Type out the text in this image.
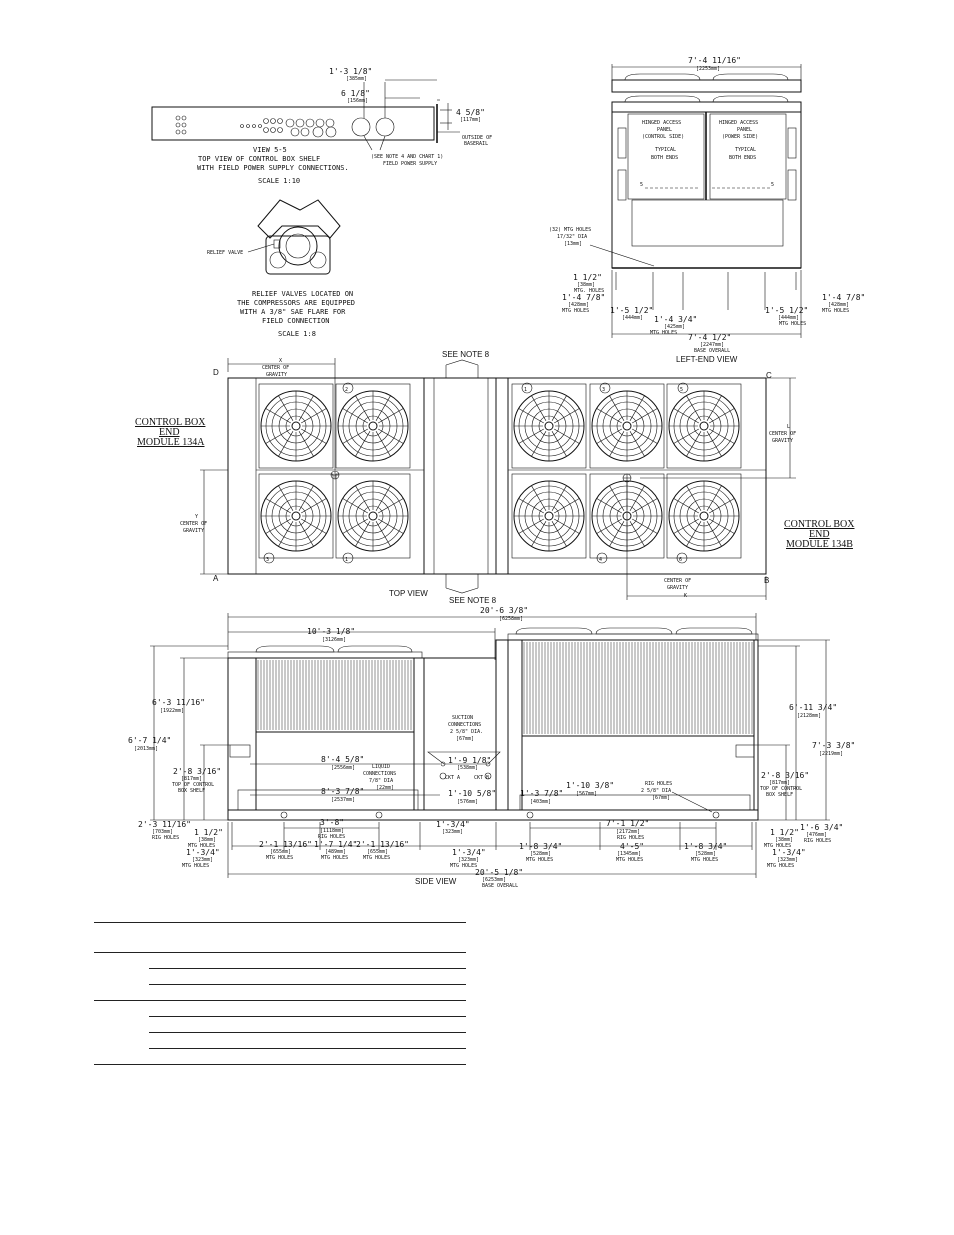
1'-3 1/8"
[385mm]
6 1/8"
[156mm]
4 5/8"
[117mm]
OUTSIDE OF
BASERAIL
(SEE NOTE 4 AND CHART 1)
FIELD POWER SUPPLY
VIEW 5-5
TOP VIEW OF CONTROL BOX SHELF
WITH FIELD POWER SUPPLY CONNECTIONS.
SCALE 1:10
RELIEF VALVE
RELIEF VALVES LOCATED ON
THE COMPRESSORS ARE EQUIPPED
WITH A 3/8" SAE FLARE FOR
FIELD CONNECTION
SCALE 1:8
7'-4 11/16"
[2253mm]
HINGED ACCESS
PANEL
(CONTROL SIDE)
HINGED ACCESS
PANEL
(POWER SIDE)
TYPICAL
BOTH ENDS
TYPICAL
BOTH ENDS
5	5
(32) MTG HOLES
17/32" DIA
[13mm]
1 1/2"
[38mm]
MTG. HOLES
1'-4 7/8"
[428mm]
MTG HOLES	1'-5 1/2"
[444mm] 1'-4 3/4"
[425mm]
MTG HOLES
1'-5 1/2"
[444mm]
MTG HOLES
1'-4 7/8"
[428mm]
MTG HOLES
7'-4 1/2"
[2247mm]
BASE OVERALL
LEFT-END VIEW
2
3	1
1	3	5
4	6
SEE NOTE 8
SEE NOTE 8
X
CENTER OF
GRAVITY
Y
CENTER OF
GRAVITY
L
CENTER OF
GRAVITY
K
CENTER OF
GRAVITY
A	B
C
D
CONTROL BOX
END
MODULE 134A
CONTROL BOX
END
MODULE 134B
TOP VIEW
20'-6 3/8"
[6258mm]
10'-3 1/8"
[3126mm]
6'-3 11/16"
[1922mm]
6'-7 1/4"
[2013mm]
6'-11 3/4"
[2128mm]
7'-3 3/8"
[2219mm]
SUCTION
CONNECTIONS
2 5/8" DIA.
[67mm]
LIQUID
CONNECTIONS
7/8" DIA
[22mm]
CKT A	CKT B
8'-4 5/8"
[2556mm]
8'-3 7/8"
[2537mm]
1'-9 1/8"
[538mm]
1'-10 5/8"
[576mm]
1'-10 3/8"
[567mm]
1'-3 7/8"
[403mm]
2'-8 3/16"
[817mm]
TOP OF CONTROL
BOX SHELF
2'-8 3/16"
[817mm]
TOP OF CONTROL
BOX SHELF
RIG HOLES
2 5/8" DIA
[67mm]
2'-3 11/16"
[703mm]
RIG HOLES
1 1/2"
[38mm]
MTG HOLES
1'-3/4"
[323mm]
MTG HOLES
3'-8"
[1118mm]
RIG HOLES
2'-1 13/16"
[655mm]
MTG HOLES
1'-7 1/4"
[489mm]
MTG HOLES
2'-1 13/16"
[655mm]
MTG HOLES
1'-3/4"
[323mm]
1'-3/4"
[323mm]
MTG HOLES
7'-1 1/2"
[2172mm]
RIG HOLES
1'-8 3/4"
[528mm]
MTG HOLES
4'-5"
[1345mm]
MTG HOLES
1'-8 3/4"
[528mm]
MTG HOLES
1'-6 3/4"
[476mm]
RIG HOLES
1 1/2"
[38mm]
MTG HOLES
1'-3/4"
[323mm]
MTG HOLES
20'-5 1/8"
[6253mm]
BASE OVERALL
SIDE VIEW
